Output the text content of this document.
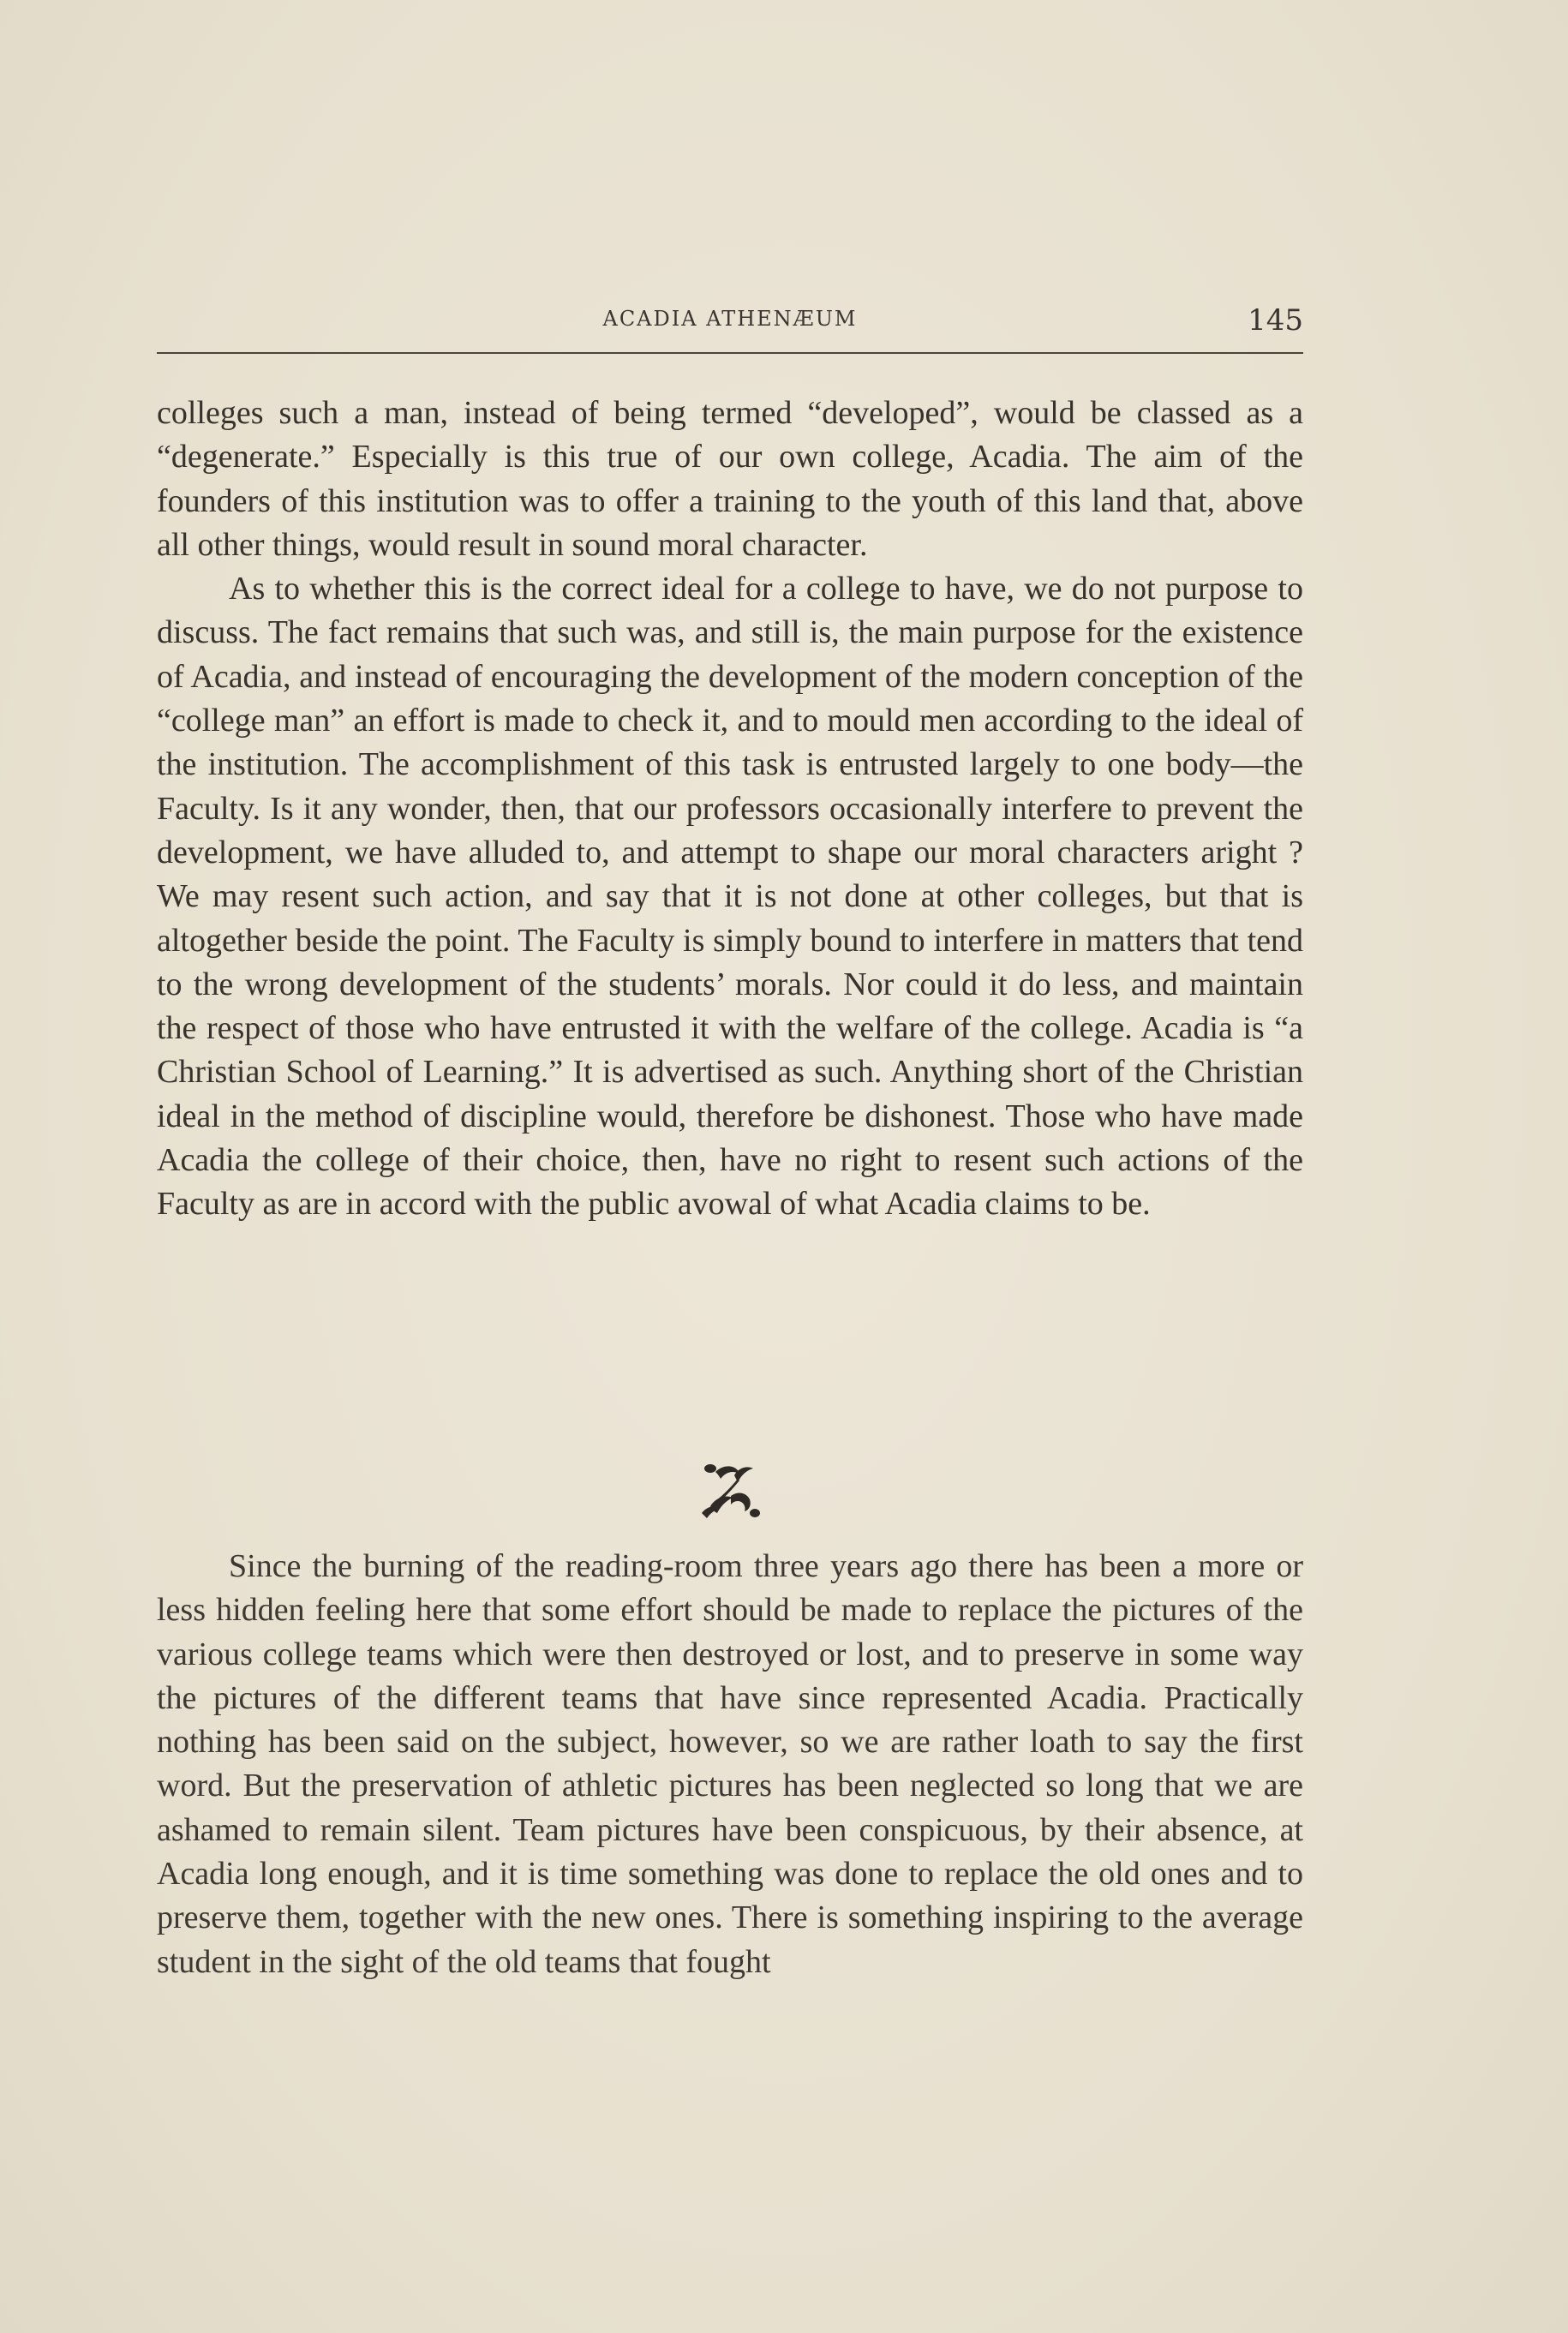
ACADIA ATHENÆUM	145

colleges such a man, instead of being termed “developed”, would be classed as a “degenerate.” Especially is this true of our own college, Acadia. The aim of the founders of this institution was to offer a training to the youth of this land that, above all other things, would result in sound moral character.

As to whether this is the correct ideal for a college to have, we do not purpose to discuss. The fact remains that such was, and still is, the main purpose for the existence of Acadia, and instead of encouraging the development of the modern conception of the “college man” an effort is made to check it, and to mould men according to the ideal of the institution. The accomplishment of this task is entrusted largely to one body—the Faculty. Is it any wonder, then, that our professors occasionally interfere to prevent the development, we have alluded to, and attempt to shape our moral characters aright ? We may resent such action, and say that it is not done at other colleges, but that is altogether beside the point. The Faculty is simply bound to interfere in matters that tend to the wrong development of the students’ morals. Nor could it do less, and maintain the respect of those who have entrusted it with the welfare of the college. Acadia is “a Christian School of Learning.” It is advertised as such. Anything short of the Christian ideal in the method of discipline would, therefore be dishonest. Those who have made Acadia the college of their choice, then, have no right to resent such actions of the Faculty as are in accord with the public avowal of what Acadia claims to be.

Since the burning of the reading-room three years ago there has been a more or less hidden feeling here that some effort should be made to replace the pictures of the various college teams which were then destroyed or lost, and to preserve in some way the pictures of the different teams that have since represented Acadia. Practically nothing has been said on the subject, however, so we are rather loath to say the first word. But the preservation of athletic pictures has been neglected so long that we are ashamed to remain silent. Team pictures have been conspicuous, by their absence, at Acadia long enough, and it is time something was done to replace the old ones and to preserve them, together with the new ones. There is something inspiring to the average student in the sight of the old teams that fought
